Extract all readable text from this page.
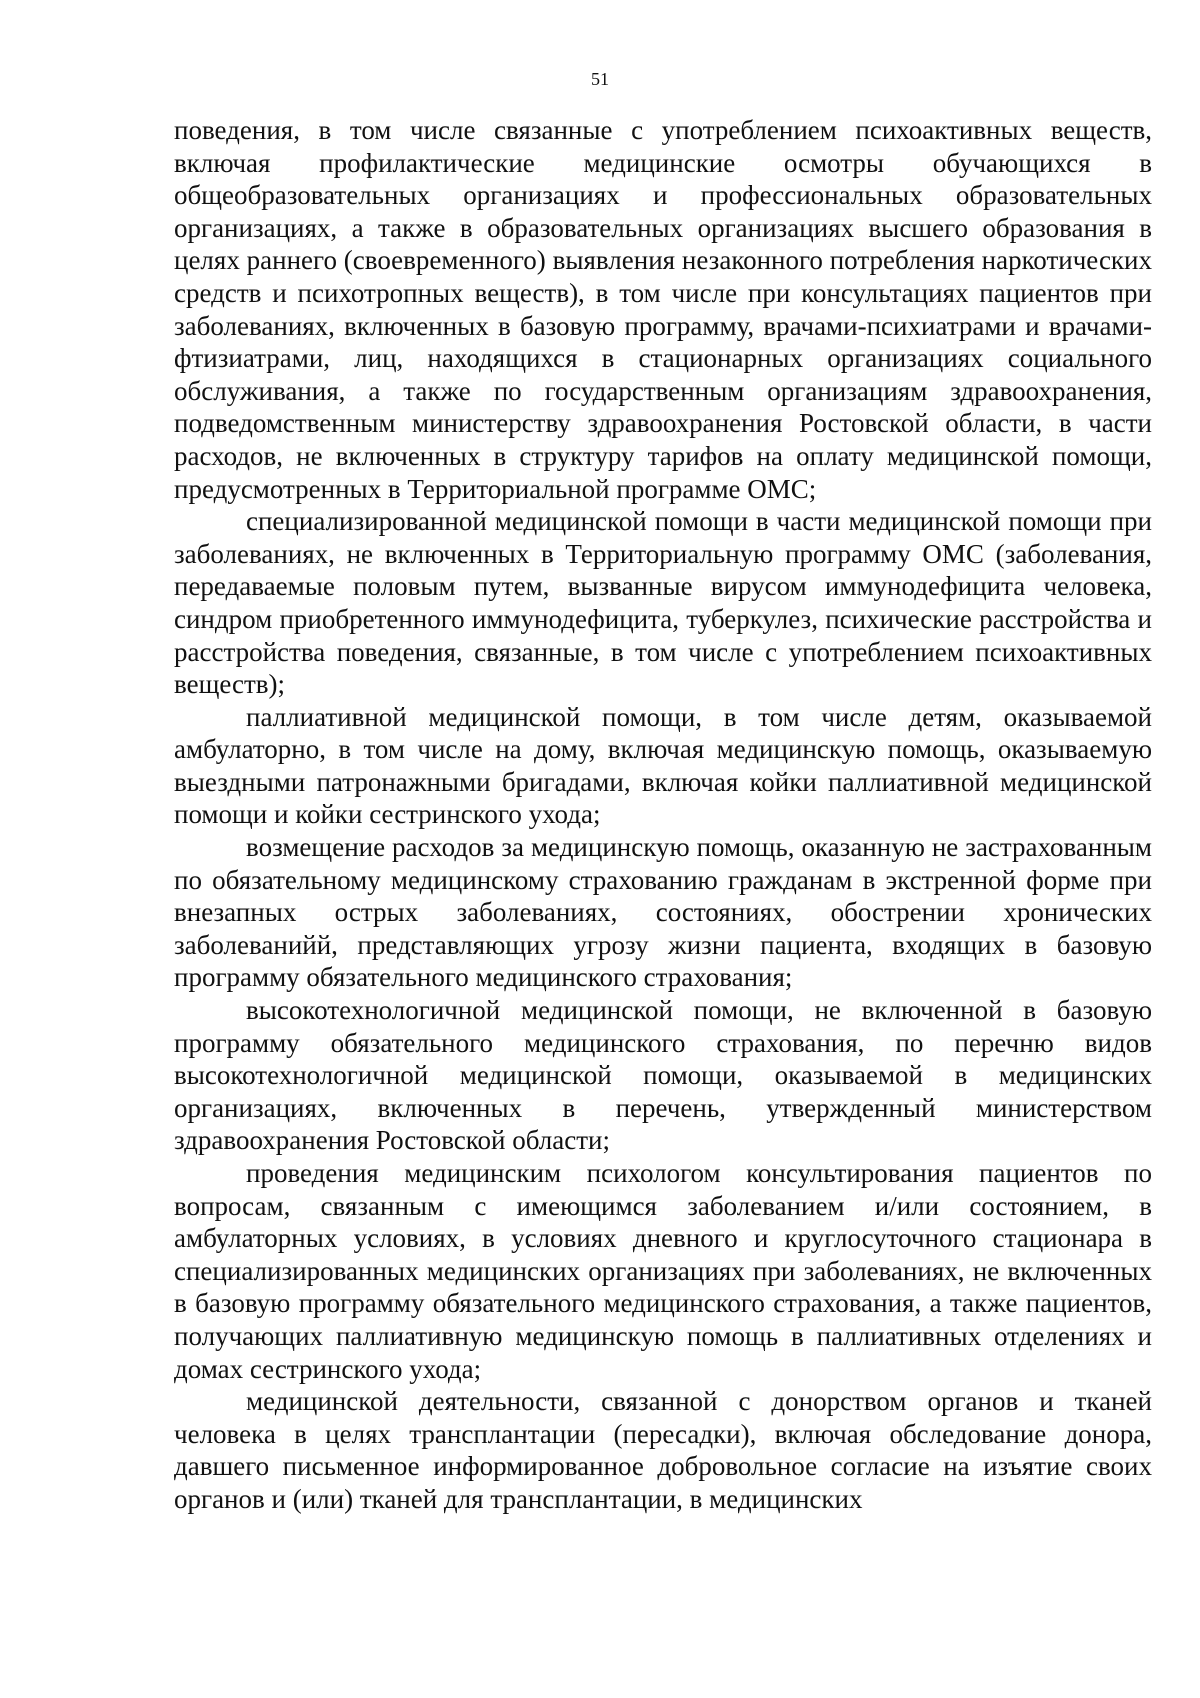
51

поведения, в том числе связанные с употреблением психоактивных веществ, включая профилактические медицинские осмотры обучающихся в общеобразовательных организациях и профессиональных образовательных организациях, а также в образовательных организациях высшего образования в целях раннего (своевременного) выявления незаконного потребления наркотических средств и психотропных веществ), в том числе при консультациях пациентов при заболеваниях, включенных в базовую программу, врачами-психиатрами и врачами-фтизиатрами, лиц, находящихся в стационарных организациях социального обслуживания, а также по государственным организациям здравоохранения, подведомственным министерству здравоохранения Ростовской области, в части расходов, не включенных в структуру тарифов на оплату медицинской помощи, предусмотренных в Территориальной программе ОМС;

специализированной медицинской помощи в части медицинской помощи при заболеваниях, не включенных в Территориальную программу ОМС (заболевания, передаваемые половым путем, вызванные вирусом иммунодефицита человека, синдром приобретенного иммунодефицита, туберкулез, психические расстройства и расстройства поведения, связанные, в том числе с употреблением психоактивных веществ);

паллиативной медицинской помощи, в том числе детям, оказываемой амбулаторно, в том числе на дому, включая медицинскую помощь, оказываемую выездными патронажными бригадами, включая койки паллиативной медицинской помощи и койки сестринского ухода;

возмещение расходов за медицинскую помощь, оказанную не застрахованным по обязательному медицинскому страхованию гражданам в экстренной форме при внезапных острых заболеваниях, состояниях, обострении хронических заболеванийй, представляющих угрозу жизни пациента, входящих в базовую программу обязательного медицинского страхования;

высокотехнологичной медицинской помощи, не включенной в базовую программу обязательного медицинского страхования, по перечню видов высокотехнологичной медицинской помощи, оказываемой в медицинских организациях, включенных в перечень, утвержденный министерством здравоохранения Ростовской области;

проведения медицинским психологом консультирования пациентов по вопросам, связанным с имеющимся заболеванием и/или состоянием, в амбулаторных условиях, в условиях дневного и круглосуточного стационара в специализированных медицинских организациях при заболеваниях, не включенных в базовую программу обязательного медицинского страхования, а также пациентов, получающих паллиативную медицинскую помощь в паллиативных отделениях и домах сестринского ухода;

медицинской деятельности, связанной с донорством органов и тканей человека в целях трансплантации (пересадки), включая обследование донора, давшего письменное информированное добровольное согласие на изъятие своих органов и (или) тканей для трансплантации, в медицинских
